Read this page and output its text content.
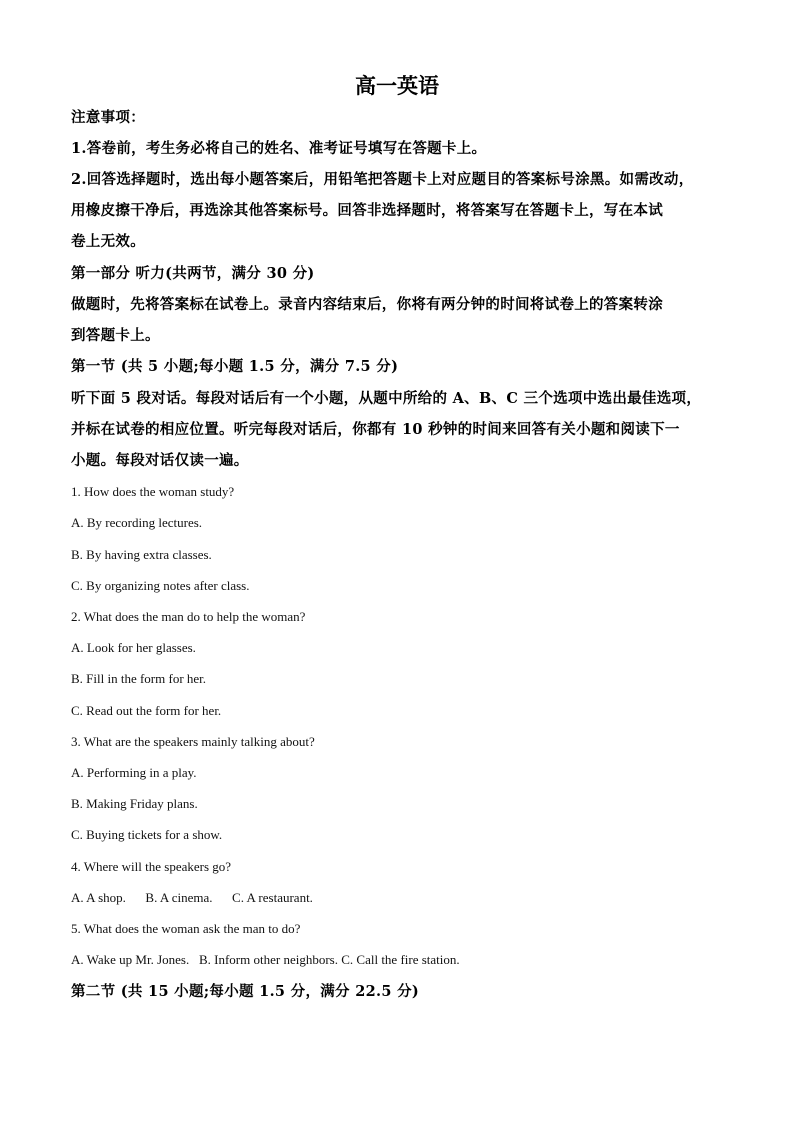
高一英语
注意事项：
1.答卷前，考生务必将自己的姓名、准考证号填写在答题卡上。
2.回答选择题时，选出每小题答案后，用铅笔把答题卡上对应题目的答案标号涂黑。如需改动，
用橡皮擦干净后，再选涂其他答案标号。回答非选择题时，将答案写在答题卡上，写在本试
卷上无效。
第一部分 听力(共两节，满分 30 分)
做题时，先将答案标在试卷上。录音内容结束后，你将有两分钟的时间将试卷上的答案转涂
到答题卡上。
第一节 (共 5 小题;每小题 1.5 分，满分 7.5 分)
听下面 5 段对话。每段对话后有一个小题，从题中所给的 A、B、C 三个选项中选出最佳选项，
并标在试卷的相应位置。听完每段对话后，你都有 10 秒钟的时间来回答有关小题和阅读下一
小题。每段对话仅读一遍。
1. How does the woman study?
A. By recording lectures.
B. By having extra classes.
C. By organizing notes after class.
2. What does the man do to help the woman?
A. Look for her glasses.
B. Fill in the form for her.
C. Read out the form for her.
3. What are the speakers mainly talking about?
A. Performing in a play.
B. Making Friday plans.
C. Buying tickets for a show.
4. Where will the speakers go?
A. A shop.      B. A cinema.      C. A restaurant.
5. What does the woman ask the man to do?
A. Wake up Mr. Jones.   B. Inform other neighbors. C. Call the fire station.
第二节 (共 15 小题;每小题 1.5 分，满分 22.5 分)
